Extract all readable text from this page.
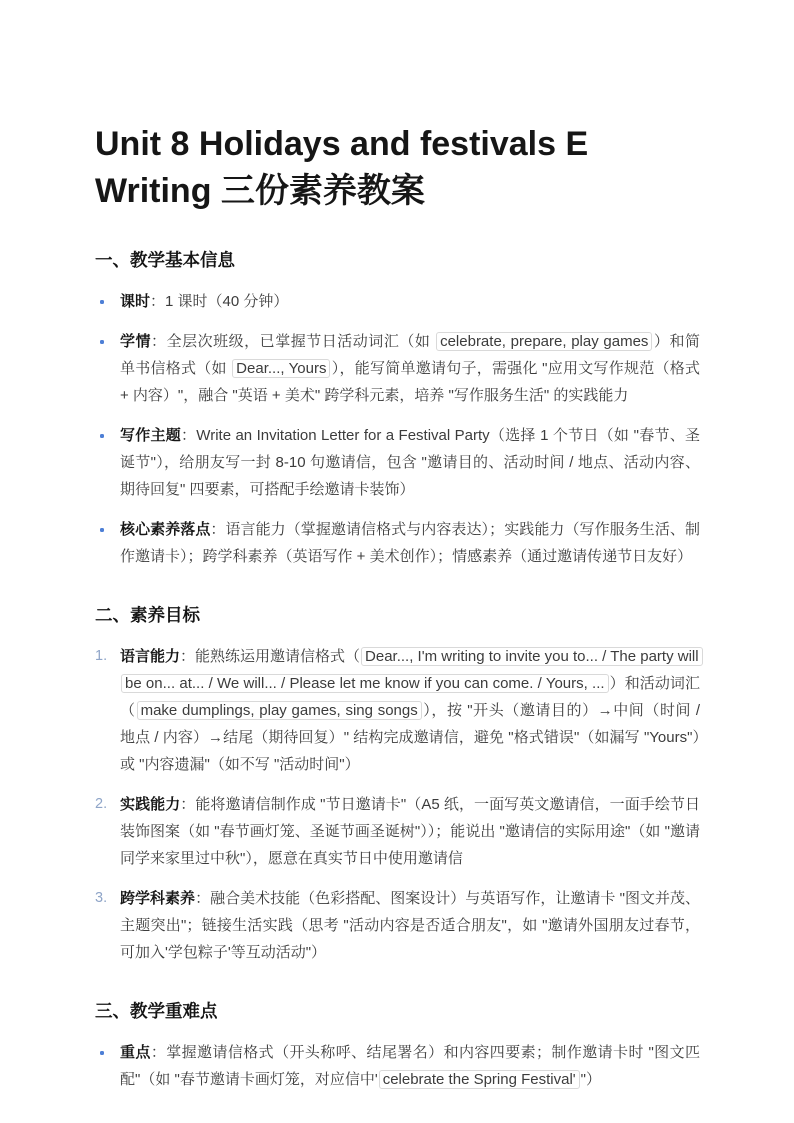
Unit 8 Holidays and festivals E Writing 三份素养教案
一、教学基本信息

课时：1 课时（40 分钟）

学情：全层次班级，已掌握节日活动词汇（如 celebrate, prepare, play games ）和简单书信格式（如 Dear..., Yours ），能写简单邀请句子，需强化 "应用文写作规范（格式 + 内容）"，融合 "英语 + 美术" 跨学科元素，培养 "写作服务生活" 的实践能力

写作主题：Write an Invitation Letter for a Festival Party（选择 1 个节日（如 "春节、圣诞节"），给朋友写一封 8-10 句邀请信，包含 "邀请目的、活动时间 / 地点、活动内容、期待回复" 四要素，可搭配手绘邀请卡装饰）

核心素养落点：语言能力（掌握邀请信格式与内容表达）；实践能力（写作服务生活、制作邀请卡）；跨学科素养（英语写作 + 美术创作）；情感素养（通过邀请传递节日友好）

二、素养目标
1. 语言能力：能熟练运用邀请信格式（ Dear..., I'm writing to invite you to... / The party will be on... at... / We will... / Please let me know if you can come. / Yours, ... ）和活动词汇（ make dumplings, play games, sing songs ），按 "开头（邀请目的）→中间（时间 / 地点 / 内容）→结尾（期待回复）" 结构完成邀请信，避免 "格式错误"（如漏写 "Yours"）或 "内容遗漏"（如不写 "活动时间"）

2. 实践能力：能将邀请信制作成 "节日邀请卡"（A5 纸，一面写英文邀请信，一面手绘节日装饰图案（如 "春节画灯笼、圣诞节画圣诞树"））；能说出 "邀请信的实际用途"（如 "邀请同学来家里过中秋"），愿意在真实节日中使用邀请信

3. 跨学科素养：融合美术技能（色彩搭配、图案设计）与英语写作，让邀请卡 "图文并茂、主题突出"；链接生活实践（思考 "活动内容是否适合朋友"，如 "邀请外国朋友过春节，可加入'学包粽子'等互动活动"）

三、教学重难点

重点：掌握邀请信格式（开头称呼、结尾署名）和内容四要素；制作邀请卡时 "图文匹配"（如 "春节邀请卡画灯笼，对应信中' celebrate the Spring Festival' "）
